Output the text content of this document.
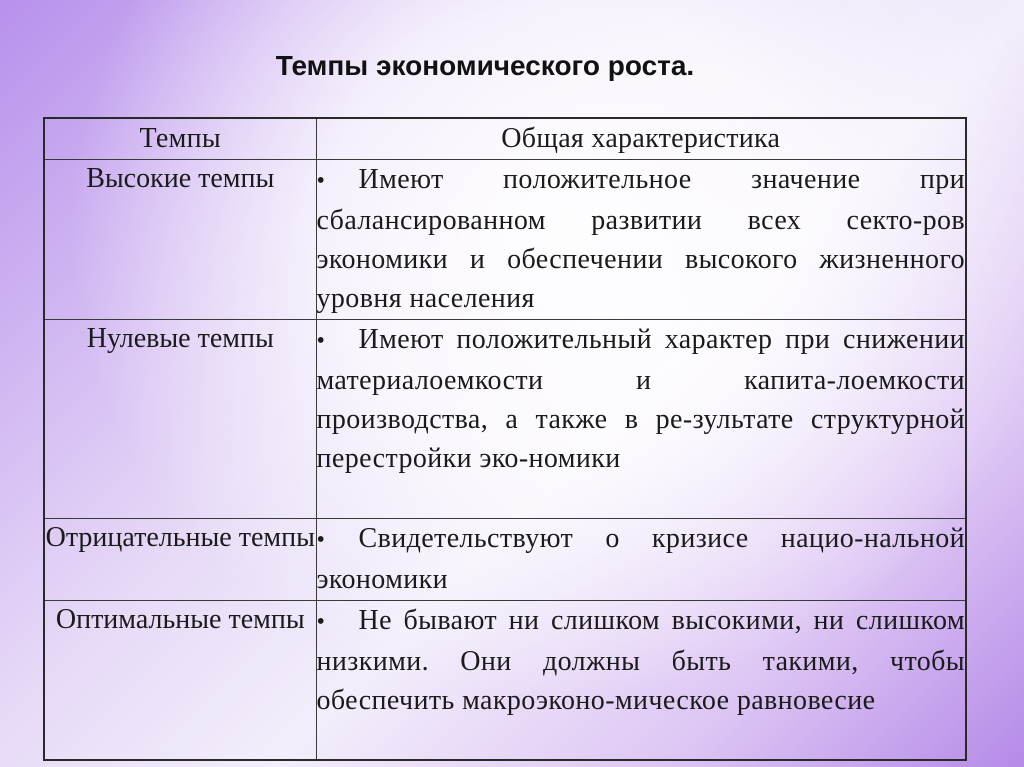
Темпы экономического роста.
Темпы	Общая характеристика
Высокие темпы	• Имеют положительное значение при сбалансированном развитии всех секто-ров экономики и обеспечении высокого жизненного уровня населения
Нулевые темпы	• Имеют положительный характер при снижении материалоемкости и капита-лоемкости производства, а также в ре-зультате структурной перестройки эко-номики
Отрицательные темпы	• Свидетельствуют о кризисе нацио-нальной экономики
Оптимальные темпы	• Не бывают ни слишком высокими, ни слишком низкими. Они должны быть такими, чтобы обеспечить макроэконо-мическое равновесие
